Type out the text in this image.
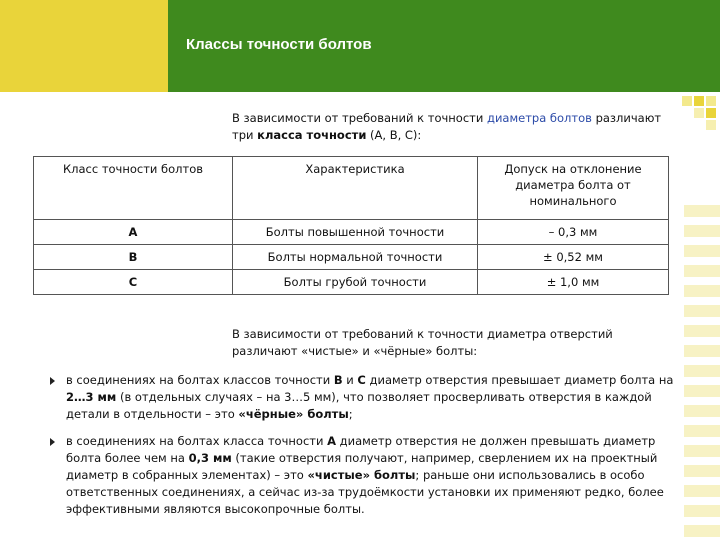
Классы точности болтов
В зависимости от требований к точности диаметра болтов различают три класса точности (А, В, С):
Класс точности болтов	Характеристика	Допуск на отклонение диаметра болта от номинального
А	Болты повышенной точности	– 0,3 мм
В	Болты нормальной точности	± 0,52 мм
С	Болты грубой точности	± 1,0 мм
В зависимости от требований к точности диаметра отверстий различают «чистые» и «чёрные» болты:
в соединениях на болтах классов точности В и С диаметр отверстия превышает диаметр болта на 2…3 мм (в отдельных случаях – на 3…5 мм), что позволяет просверливать отверстия в каждой детали в отдельности – это «чёрные» болты;
в соединениях на болтах класса точности А диаметр отверстия не должен превышать диаметр болта более чем на 0,3 мм (такие отверстия получают, например, сверлением их на проектный диаметр в собранных элементах) – это «чистые» болты; раньше они использовались в особо ответственных соединениях, а сейчас из-за трудоёмкости установки их применяют редко, более эффективными являются высокопрочные болты.
